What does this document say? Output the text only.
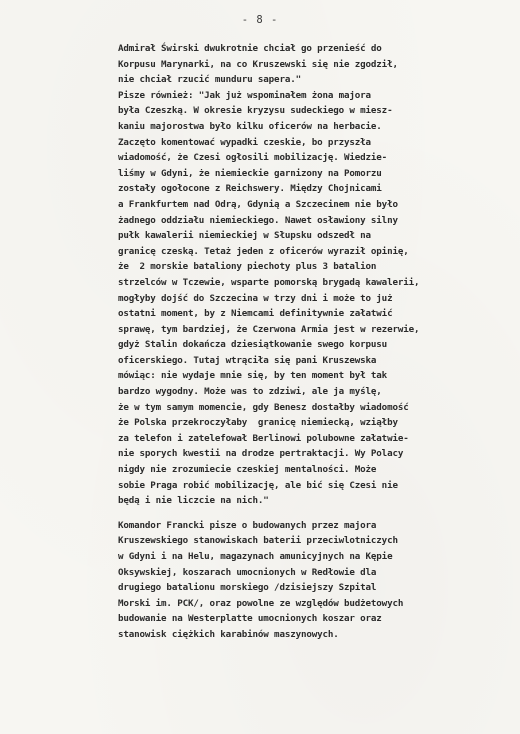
- 8 -
Admirał Świrski dwukrotnie chciał go przenieść do
Korpusu Marynarki, na co Kruszewski się nie zgodził,
nie chciał rzucić munduru sapera."
Pisze również: "Jak już wspominałem żona majora
była Czeszką. W okresie kryzysu sudeckiego w miesz-
kaniu majorostwa było kilku oficerów na herbacie.
Zaczęto komentować wypadki czeskie, bo przyszła
wiadomość, że Czesi ogłosili mobilizację. Wiedzie-
liśmy w Gdyni, że niemieckie garnizony na Pomorzu
zostały ogołocone z Reichswery. Między Chojnicami
a Frankfurtem nad Odrą, Gdynią a Szczecinem nie było
żadnego oddziału niemieckiego. Nawet osławiony silny
pułk kawalerii niemieckiej w Słupsku odszedł na
granicę czeską. Tetaż jeden z oficerów wyraził opinię,
że  2 morskie bataliony piechoty plus 3 batalion
strzelców w Tczewie, wsparte pomorską brygadą kawalerii,
mogłyby dojść do Szczecina w trzy dni i może to już
ostatni moment, by z Niemcami definitywnie załatwić
sprawę, tym bardziej, że Czerwona Armia jest w rezerwie,
gdyż Stalin dokańcza dziesiątkowanie swego korpusu
oficerskiego. Tutaj wtrąciła się pani Kruszewska
mówiąc: nie wydaje mnie się, by ten moment był tak
bardzo wygodny. Może was to zdziwi, ale ja myślę,
że w tym samym momencie, gdy Benesz dostałby wiadomość
że Polska przekroczyłaby  granicę niemiecką, wziąłby
za telefon i zatelefował Berlinowi polubowne załatwie-
nie sporych kwestii na drodze pertraktacji. Wy Polacy
nigdy nie zrozumiecie czeskiej mentalności. Może
sobie Praga robić mobilizację, ale bić się Czesi nie
będą i nie liczcie na nich."
Komandor Francki pisze o budowanych przez majora
Kruszewskiego stanowiskach baterii przeciwlotniczych
w Gdyni i na Helu, magazynach amunicyjnych na Kępie
Oksywskiej, koszarach umocnionych w Redłowie dla
drugiego batalionu morskiego /dzisiejszy Szpital
Morski im. PCK/, oraz powolne ze względów budżetowych
budowanie na Westerplatte umocnionych koszar oraz
stanowisk ciężkich karabinów maszynowych.
